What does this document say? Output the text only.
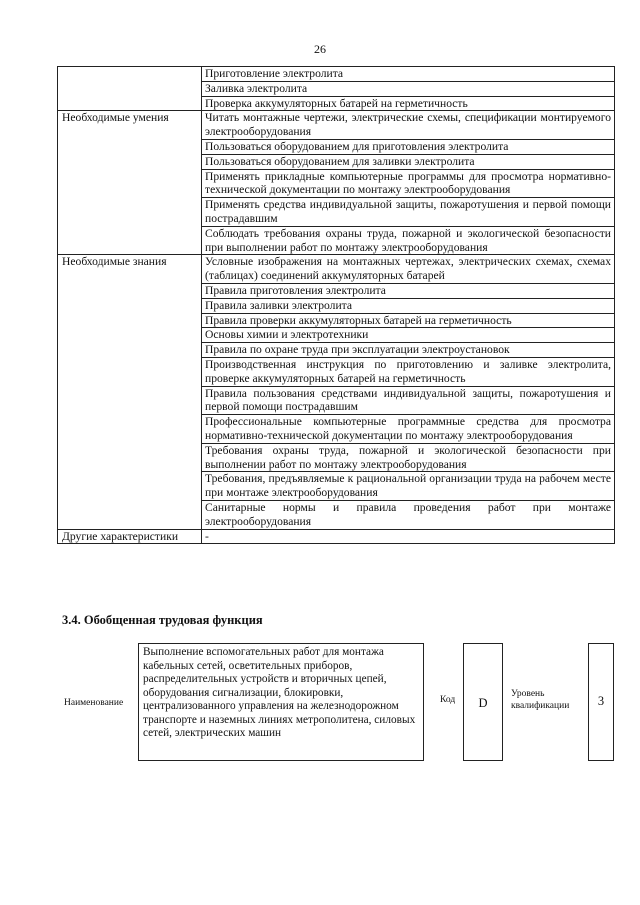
26
	Приготовление электролита
	Заливка электролита
	Проверка аккумуляторных батарей на герметичность
Необходимые умения	Читать монтажные чертежи, электрические схемы, спецификации монтируемого электрооборудования
	Пользоваться оборудованием для приготовления электролита
	Пользоваться оборудованием для заливки электролита
	Применять прикладные компьютерные программы для просмотра нормативно-технической документации по монтажу электрооборудования
	Применять средства индивидуальной защиты, пожаротушения и первой помощи пострадавшим
	Соблюдать требования охраны труда, пожарной и экологической безопасности при выполнении работ по монтажу электрооборудования
Необходимые знания	Условные изображения на монтажных чертежах, электрических схемах, схемах (таблицах) соединений аккумуляторных батарей
	Правила приготовления электролита
	Правила заливки электролита
	Правила проверки аккумуляторных батарей на герметичность
	Основы химии и электротехники
	Правила по охране труда при эксплуатации электроустановок
	Производственная инструкция по приготовлению и заливке электролита, проверке аккумуляторных батарей на герметичность
	Правила пользования средствами индивидуальной защиты, пожаротушения и первой помощи пострадавшим
	Профессиональные компьютерные программные средства для просмотра нормативно-технической документации по монтажу электрооборудования
	Требования охраны труда, пожарной и экологической безопасности при выполнении работ по монтажу электрооборудования
	Требования, предъявляемые к рациональной организации труда на рабочем месте при монтаже электрооборудования
	Санитарные нормы и правила проведения работ при монтаже электрооборудования
Другие характеристики	-
3.4. Обобщенная трудовая функция
Наименование
Выполнение вспомогательных работ для монтажа кабельных сетей, осветительных приборов, распределительных устройств и вторичных цепей, оборудования сигнализации, блокировки, централизованного управления на железнодорожном транспорте и наземных линиях метрополитена, силовых сетей, электрических машин
Код	D
Уровень квалификации	3
